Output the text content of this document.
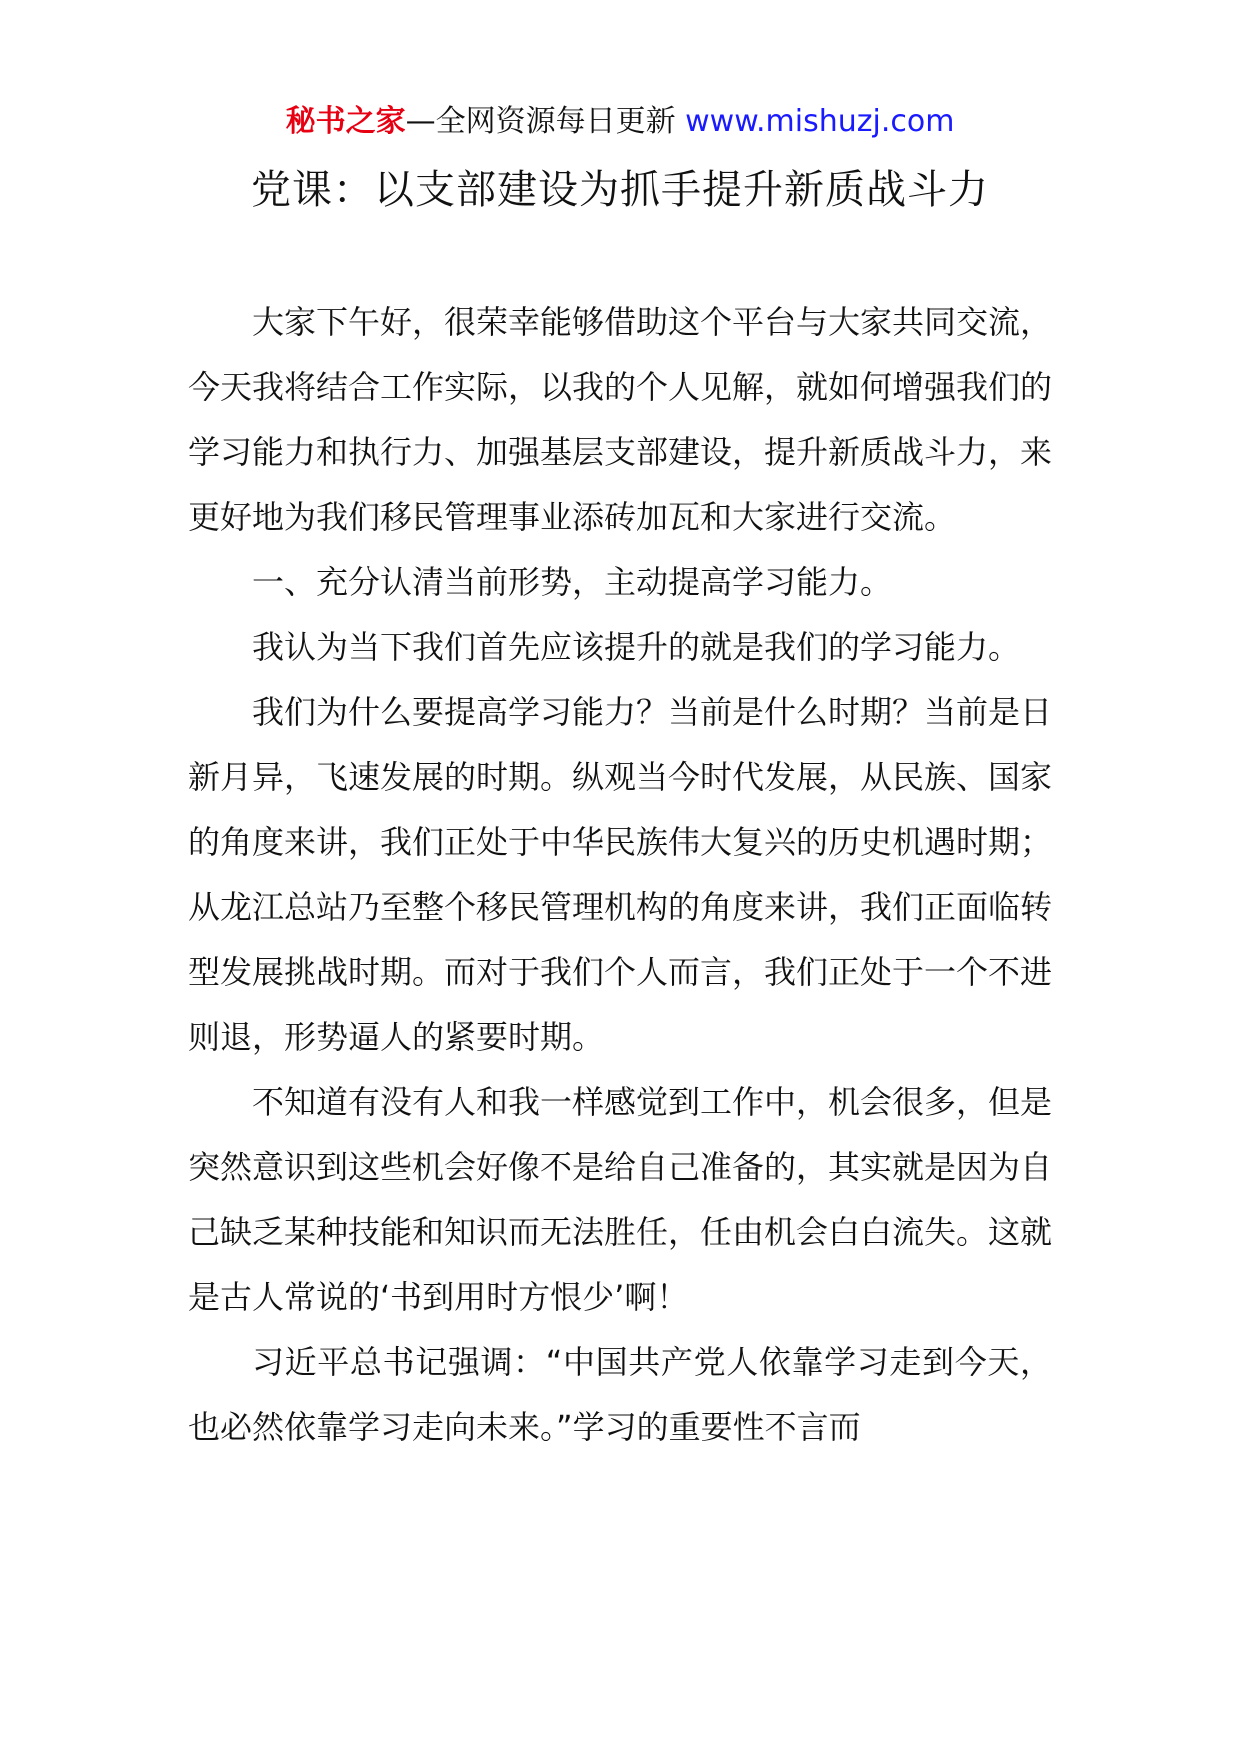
秘书之家—全网资源每日更新 www.mishuzj.com
党课：以支部建设为抓手提升新质战斗力

大家下午好，很荣幸能够借助这个平台与大家共同交流，今天我将结合工作实际，以我的个人见解，就如何增强我们的学习能力和执行力、加强基层支部建设，提升新质战斗力，来更好地为我们移民管理事业添砖加瓦和大家进行交流。

一、充分认清当前形势，主动提高学习能力。

我认为当下我们首先应该提升的就是我们的学习能力。

我们为什么要提高学习能力？当前是什么时期？当前是日新月异，飞速发展的时期。纵观当今时代发展，从民族、国家的角度来讲，我们正处于中华民族伟大复兴的历史机遇时期；从龙江总站乃至整个移民管理机构的角度来讲，我们正面临转型发展挑战时期。而对于我们个人而言，我们正处于一个不进则退，形势逼人的紧要时期。

不知道有没有人和我一样感觉到工作中，机会很多，但是突然意识到这些机会好像不是给自己准备的，其实就是因为自己缺乏某种技能和知识而无法胜任，任由机会白白流失。这就是古人常说的‘书到用时方恨少’啊！

习近平总书记强调：“中国共产党人依靠学习走到今天，也必然依靠学习走向未来。”学习的重要性不言而
